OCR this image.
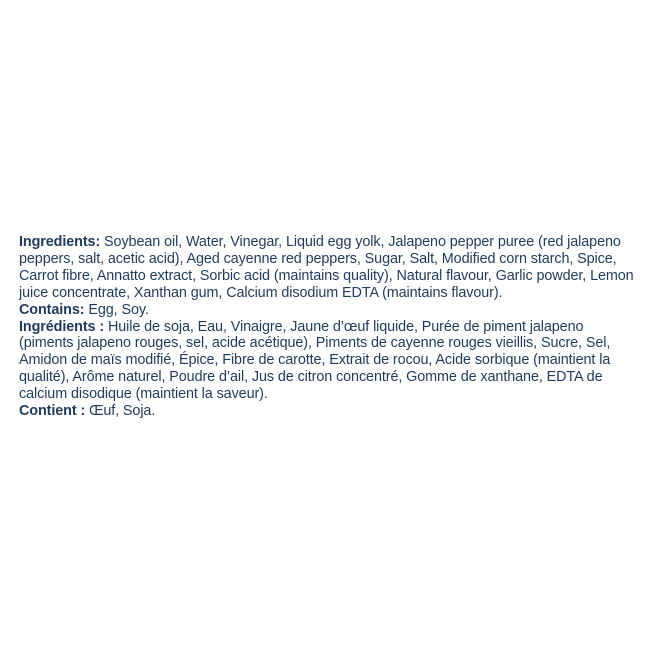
Ingredients: Soybean oil, Water, Vinegar, Liquid egg yolk, Jalapeno pepper puree (red jalapeno peppers, salt, acetic acid), Aged cayenne red peppers, Sugar, Salt, Modified corn starch, Spice, Carrot fibre, Annatto extract, Sorbic acid (maintains quality), Natural flavour, Garlic powder, Lemon juice concentrate, Xanthan gum, Calcium disodium EDTA (maintains flavour).

Contains: Egg, Soy.

Ingrédients : Huile de soja, Eau, Vinaigre, Jaune d’œuf liquide, Purée de piment jalapeno (piments jalapeno rouges, sel, acide acétique), Piments de cayenne rouges vieillis, Sucre, Sel, Amidon de maïs modifié, Épice, Fibre de carotte, Extrait de rocou, Acide sorbique (maintient la qualité), Arôme naturel, Poudre d’ail, Jus de citron concentré, Gomme de xanthane, EDTA de calcium disodique (maintient la saveur).

Contient : Œuf, Soja.
